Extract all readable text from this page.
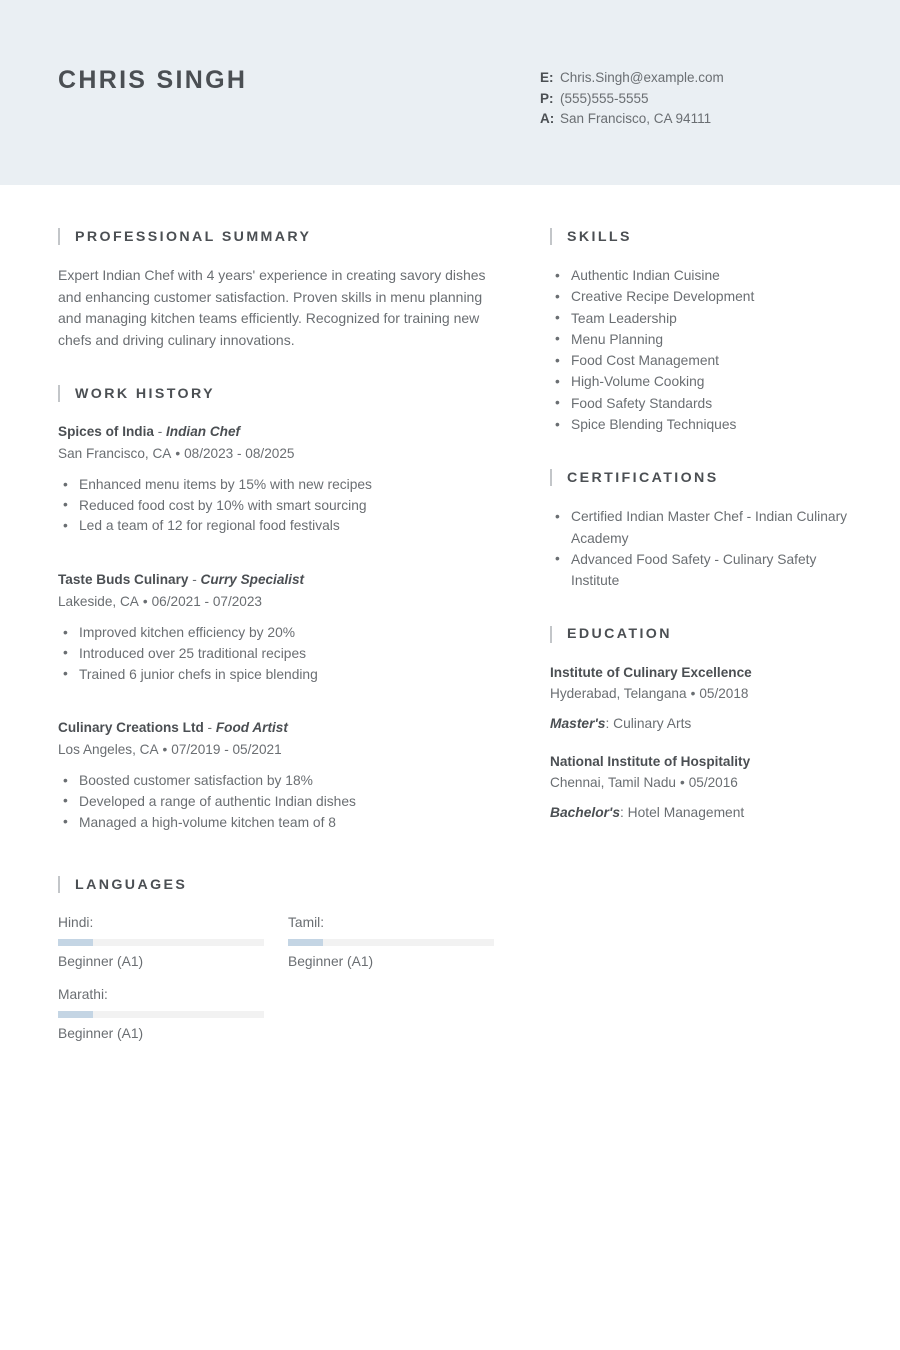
CHRIS SINGH	E: Chris.Singh@example.com
P: (555)555-5555
A: San Francisco, CA 94111
PROFESSIONAL SUMMARY

Expert Indian Chef with 4 years' experience in creating savory dishes and enhancing customer satisfaction. Proven skills in menu planning and managing kitchen teams efficiently. Recognized for training new chefs and driving culinary innovations.

WORK HISTORY
Spices of India - Indian Chef
San Francisco, CA • 08/2023 - 08/2025
• Enhanced menu items by 15% with new recipes
• Reduced food cost by 10% with smart sourcing
• Led a team of 12 for regional food festivals
Taste Buds Culinary - Curry Specialist
Lakeside, CA • 06/2021 - 07/2023
• Improved kitchen efficiency by 20%
• Introduced over 25 traditional recipes
• Trained 6 junior chefs in spice blending
Culinary Creations Ltd - Food Artist
Los Angeles, CA • 07/2019 - 05/2021
• Boosted customer satisfaction by 18%
• Developed a range of authentic Indian dishes
• Managed a high-volume kitchen team of 8
LANGUAGES
Hindi:
Beginner (A1)
Tamil:
Beginner (A1)
Marathi:
Beginner (A1)
SKILLS
• Authentic Indian Cuisine
• Creative Recipe Development
• Team Leadership
• Menu Planning
• Food Cost Management
• High-Volume Cooking
• Food Safety Standards
• Spice Blending Techniques
CERTIFICATIONS
• Certified Indian Master Chef - Indian Culinary Academy
• Advanced Food Safety - Culinary Safety Institute
EDUCATION
Institute of Culinary Excellence
Hyderabad, Telangana • 05/2018
Master's: Culinary Arts
National Institute of Hospitality
Chennai, Tamil Nadu • 05/2016
Bachelor's: Hotel Management
